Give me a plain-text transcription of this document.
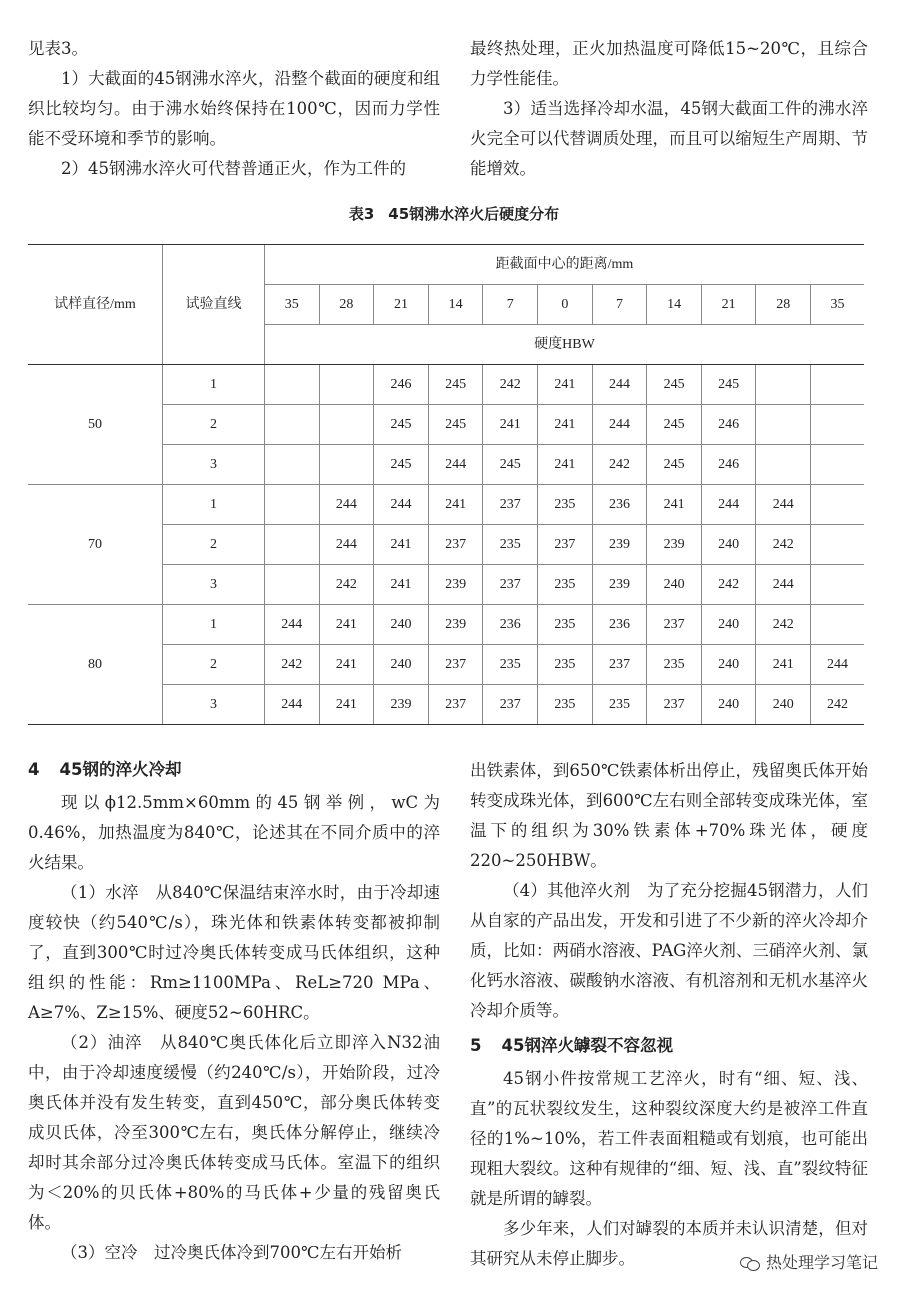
见表3。

1）大截面的45钢沸水淬火，沿整个截面的硬度和组织比较均匀。由于沸水始终保持在100℃，因而力学性能不受环境和季节的影响。

2）45钢沸水淬火可代替普通正火，作为工件的

最终热处理，正火加热温度可降低15~20℃，且综合力学性能佳。

3）适当选择冷却水温，45钢大截面工件的沸水淬火完全可以代替调质处理，而且可以缩短生产周期、节能增效。

表3 45钢沸水淬火后硬度分布
试样直径/mm	试验直线	距截面中心的距离/mm										
		35	28	21	14	7	0	7	14	21	28	35
		硬度HBW										
50	1			246	245	242	241	244	245	245		
	2			245	245	241	241	244	245	246		
	3			245	244	245	241	242	245	246		
70	1		244	244	241	237	235	236	241	244	244	
	2		244	241	237	235	237	239	239	240	242	
	3		242	241	239	237	235	239	240	242	244	
80	1	244	241	240	239	236	235	236	237	240	242	
	2	242	241	240	237	235	235	237	235	240	241	244
	3	244	241	239	237	237	235	235	237	240	240	242
4 45钢的淬火冷却

现以ϕ12.5mm×60mm的45钢举例，wC为0.46%，加热温度为840℃，论述其在不同介质中的淬火结果。

（1）水淬　从840℃保温结束淬水时，由于冷却速度较快（约540℃/s），珠光体和铁素体转变都被抑制了，直到300℃时过冷奥氏体转变成马氏体组织，这种组织的性能：Rm≥1100MPa、ReL≥720 MPa、A≥7%、Z≥15%、硬度52~60HRC。

（2）油淬　从840℃奥氏体化后立即淬入N32油中，由于冷却速度缓慢（约240℃/s），开始阶段，过冷奥氏体并没有发生转变，直到450℃，部分奥氏体转变成贝氏体，冷至300℃左右，奥氏体分解停止，继续冷却时其余部分过冷奥氏体转变成马氏体。室温下的组织为＜20%的贝氏体+80%的马氏体+少量的残留奥氏体。

（3）空冷　过冷奥氏体冷到700℃左右开始析

出铁素体，到650℃铁素体析出停止，残留奥氏体开始转变成珠光体，到600℃左右则全部转变成珠光体，室温下的组织为30%铁素体+70%珠光体，硬度220~250HBW。

（4）其他淬火剂　为了充分挖掘45钢潜力，人们从自家的产品出发，开发和引进了不少新的淬火冷却介质，比如：两硝水溶液、PAG淬火剂、三硝淬火剂、氯化钙水溶液、碳酸钠水溶液、有机溶剂和无机水基淬火冷却介质等。

5 45钢淬火罅裂不容忽视

45钢小件按常规工艺淬火，时有“细、短、浅、直”的瓦状裂纹发生，这种裂纹深度大约是被淬工件直径的1%~10%，若工件表面粗糙或有划痕，也可能出现粗大裂纹。这种有规律的“细、短、浅、直”裂纹特征就是所谓的罅裂。

多少年来，人们对罅裂的本质并未认识清楚，但对其研究从未停止脚步。	热处理学习笔记
